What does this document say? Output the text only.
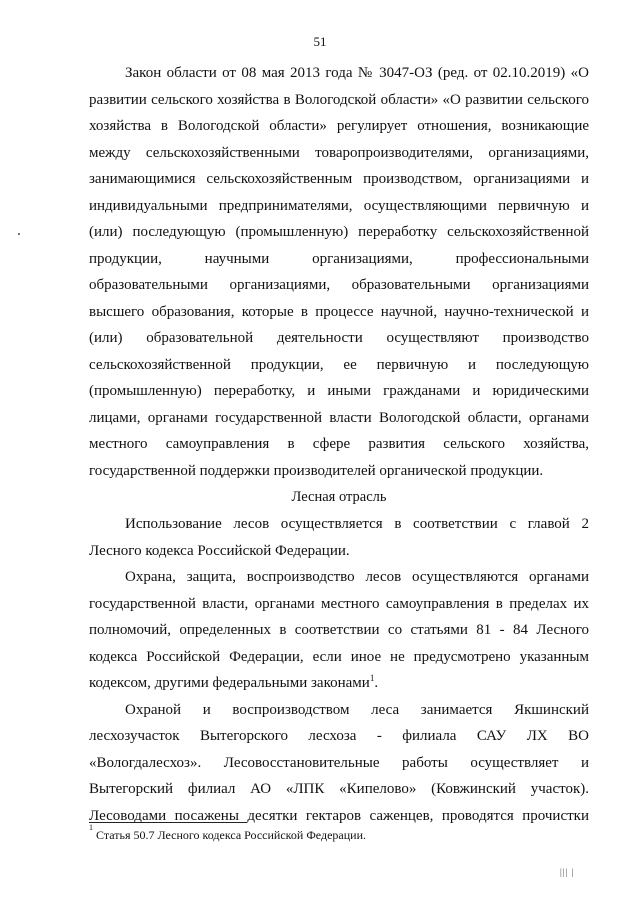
51

Закон области от 08 мая 2013 года № 3047-ОЗ (ред. от 02.10.2019) «О

развитии сельского хозяйства в Вологодской области» «О развитии сельского

хозяйства в Вологодской области» регулирует отношения, возникающие

между сельскохозяйственными товаропроизводителями, организациями,

занимающимися сельскохозяйственным производством, организациями и

индивидуальными предпринимателями, осуществляющими первичную и

(или) последующую (промышленную) переработку сельскохозяйственной

продукции, научными организациями, профессиональными

образовательными организациями, образовательными организациями

высшего образования, которые в процессе научной, научно-технической и

(или) образовательной деятельности осуществляют производство

сельскохозяйственной продукции, ее первичную и последующую

(промышленную) переработку, и иными гражданами и юридическими

лицами, органами государственной власти Вологодской области, органами

местного самоуправления в сфере развития сельского хозяйства,

государственной поддержки производителей органической продукции.

Лесная отрасль

Использование лесов осуществляется в соответствии с главой 2

Лесного кодекса Российской Федерации.

Охрана, защита, воспроизводство лесов осуществляются органами

государственной власти, органами местного самоуправления в пределах их

полномочий, определенных в соответствии со статьями 81 - 84 Лесного

кодекса Российской Федерации, если иное не предусмотрено указанным

кодексом, другими федеральными законами$^1$.

Охраной и воспроизводством леса занимается Якшинский

лесхозучасток Вытегорского лесхоза - филиала САУ ЛХ ВО

«Вологдалесхоз». Лесовосстановительные работы осуществляет и

Вытегорский филиал АО «ЛПК «Кипелово» (Ковжинский участок).

Лесоводами посажены десятки гектаров саженцев, проводятся прочистки

$^1$ Статья 50.7 Лесного кодекса Российской Федерации.
||| |
